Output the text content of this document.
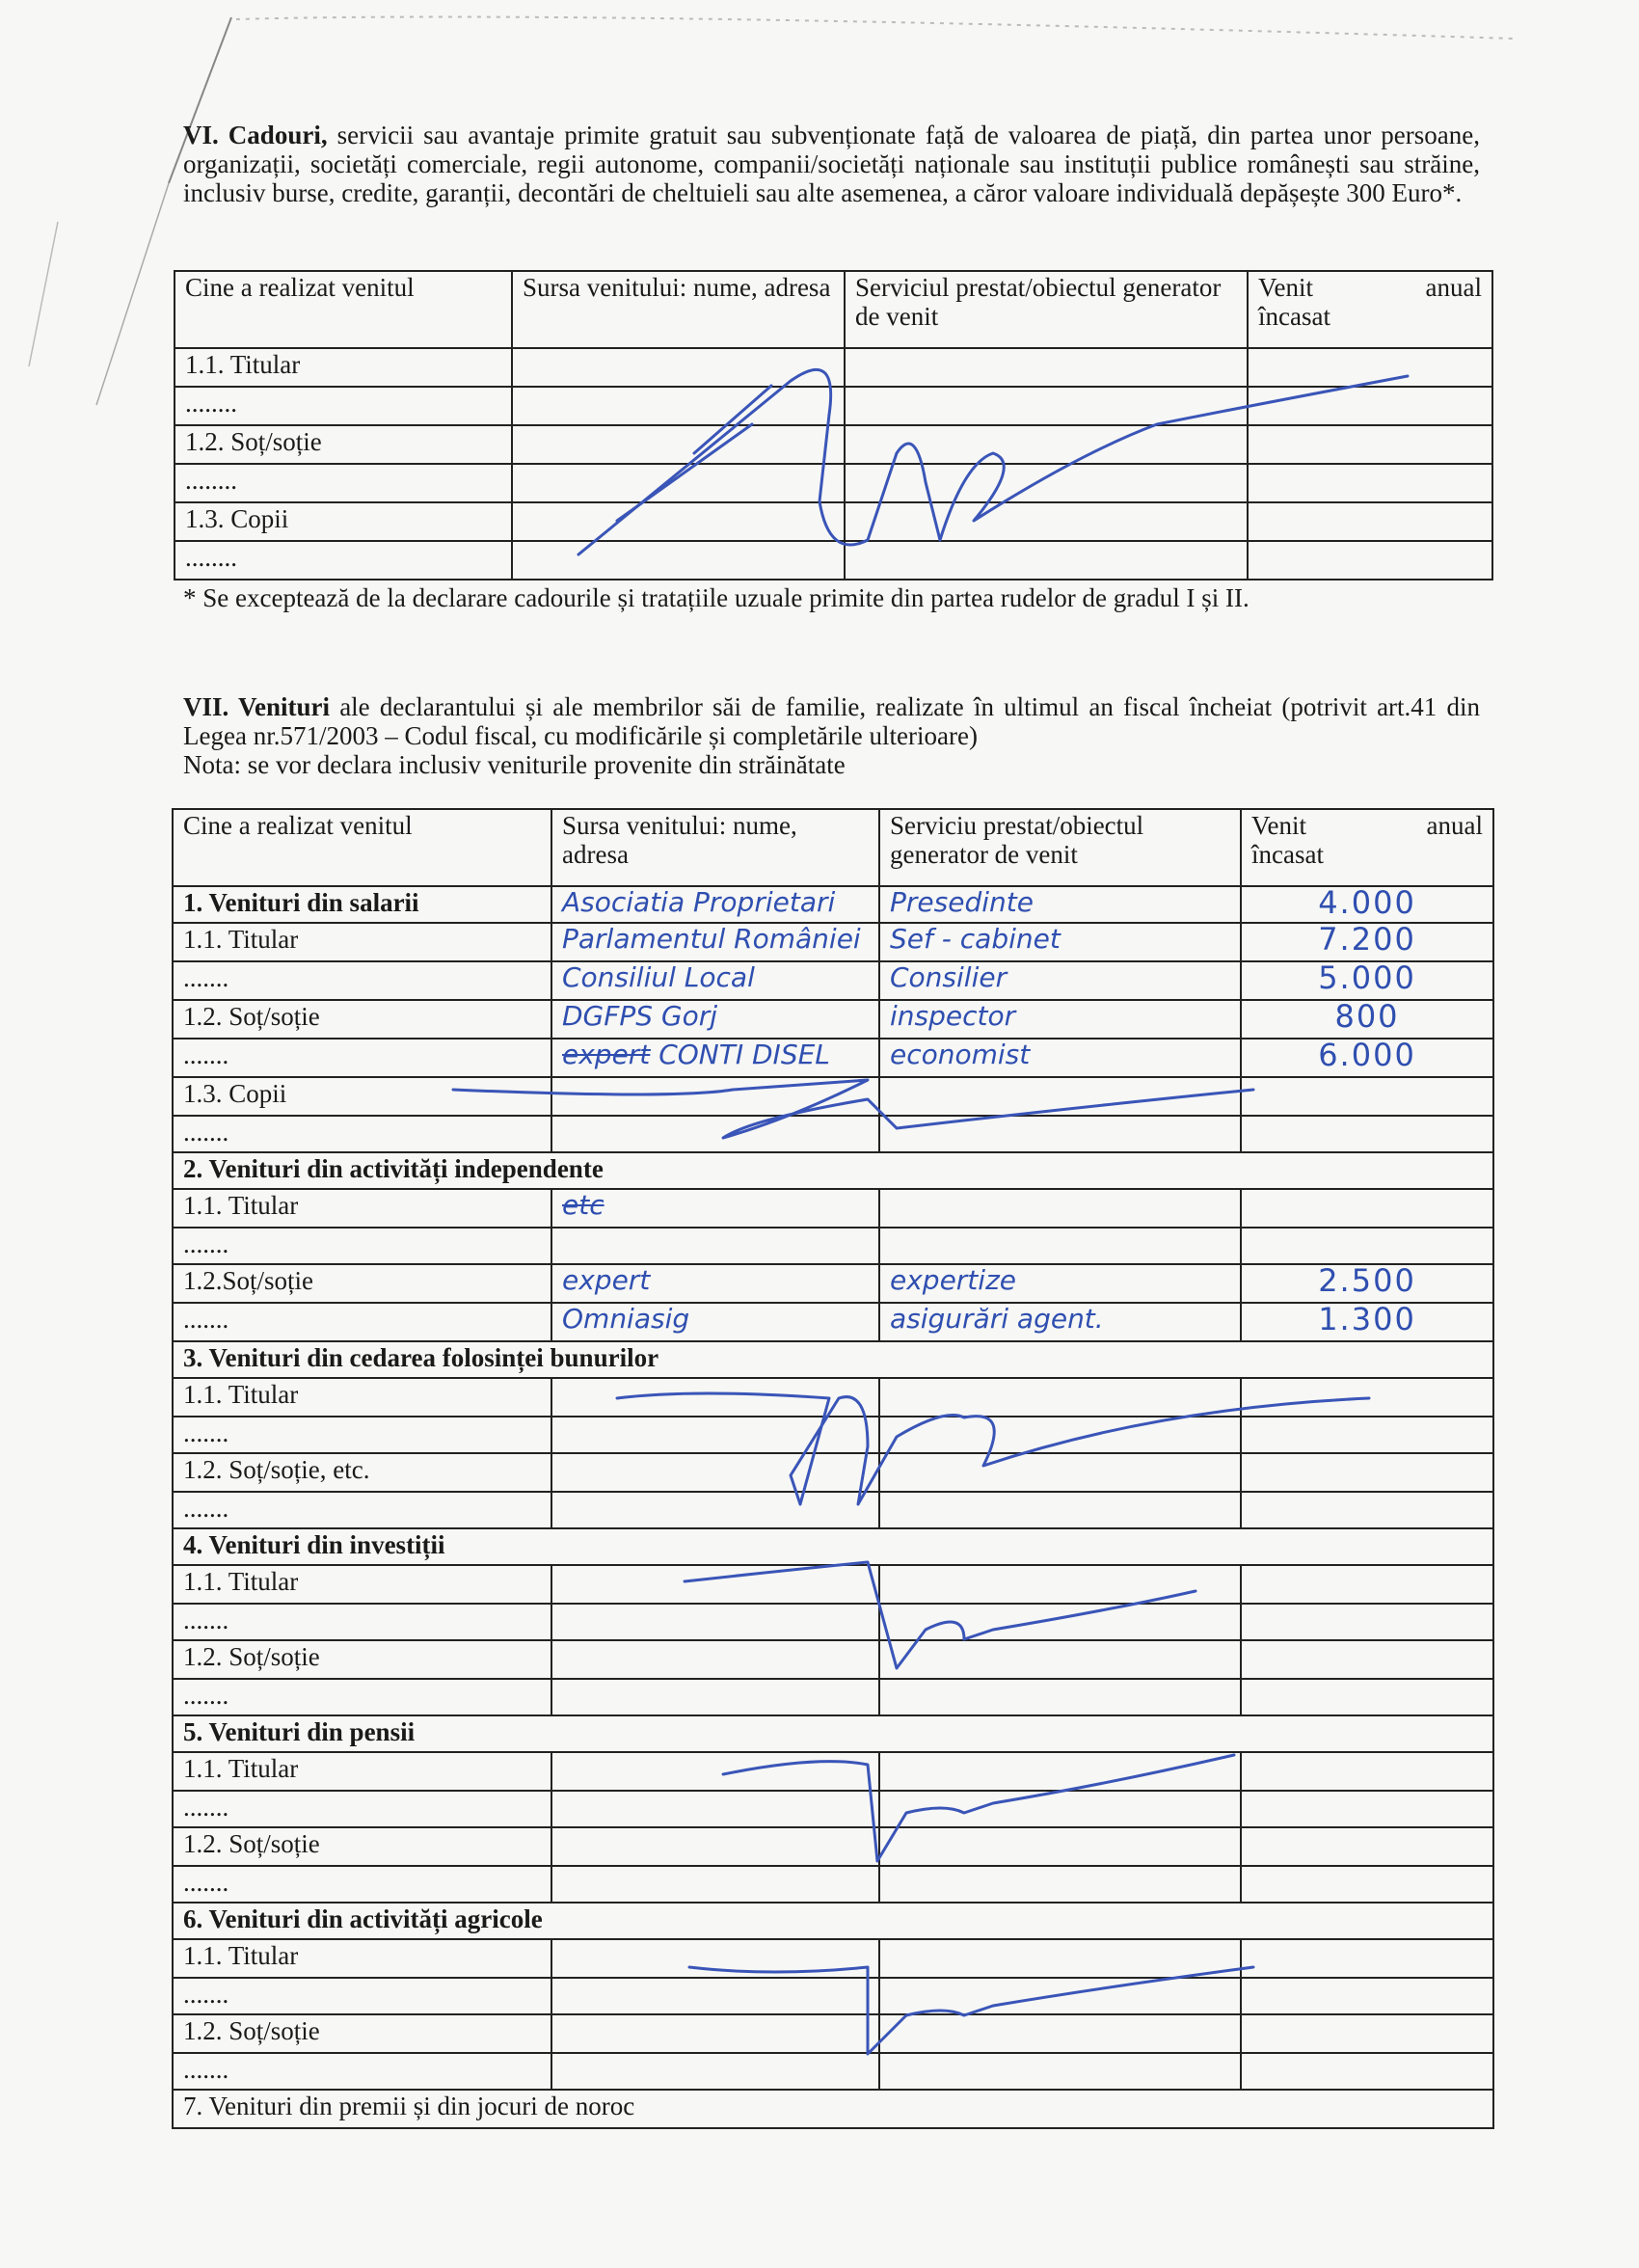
VI. Cadouri, servicii sau avantaje primite gratuit sau subvenționate față de valoarea de piață, din partea unor persoane, organizații, societăți comerciale, regii autonome, companii/societăți naționale sau instituții publice românești sau străine, inclusiv burse, credite, garanții, decontări de cheltuieli sau alte asemenea, a căror valoare individuală depășește 300 Euro*.

Cine a realizat venitul	Sursa venitului: nume, adresa	Serviciul prestat/obiectul generator de venit	Venit anual
încasat

1.1. Titular			
........			
1.2. Soț/soție			
........			
1.3. Copii			
........			
* Se exceptează de la declarare cadourile și tratațiile uzuale primite din partea rudelor de gradul I și II.

VII. Venituri ale declarantului și ale membrilor săi de familie, realizate în ultimul an fiscal încheiat (potrivit art.41 din Legea nr.571/2003 – Codul fiscal, cu modificările și completările ulterioare)

Nota: se vor declara inclusiv veniturile provenite din străinătate

Cine a realizat venitul	Sursa venitului: nume, adresa	Serviciu prestat/obiectul generator de venit	Venit anual
încasat

1. Venituri din salarii	Asociatia Proprietari	Presedinte	4.000
1.1. Titular	Parlamentul României	Sef - cabinet	7.200
.......	Consiliul Local	Consilier	5.000
1.2. Soț/soție	DGFPS Gorj	inspector	800
.......	expert CONTI DISEL	economist	6.000
1.3. Copii			
.......			
2. Venituri din activități independente			
1.1. Titular	etc		
.......			
1.2.Soț/soție	expert	expertize	2.500
.......	Omniasig	asigurări agent.	1.300
3. Venituri din cedarea folosinței bunurilor			
1.1. Titular			
.......			
1.2. Soț/soție, etc.			
.......			
4. Venituri din investiții			
1.1. Titular			
.......			
1.2. Soț/soție			
.......			
5. Venituri din pensii			
1.1. Titular			
.......			
1.2. Soț/soție			
.......			
6. Venituri din activități agricole			
1.1. Titular			
.......			
1.2. Soț/soție			
.......			
7. Venituri din premii și din jocuri de noroc			
